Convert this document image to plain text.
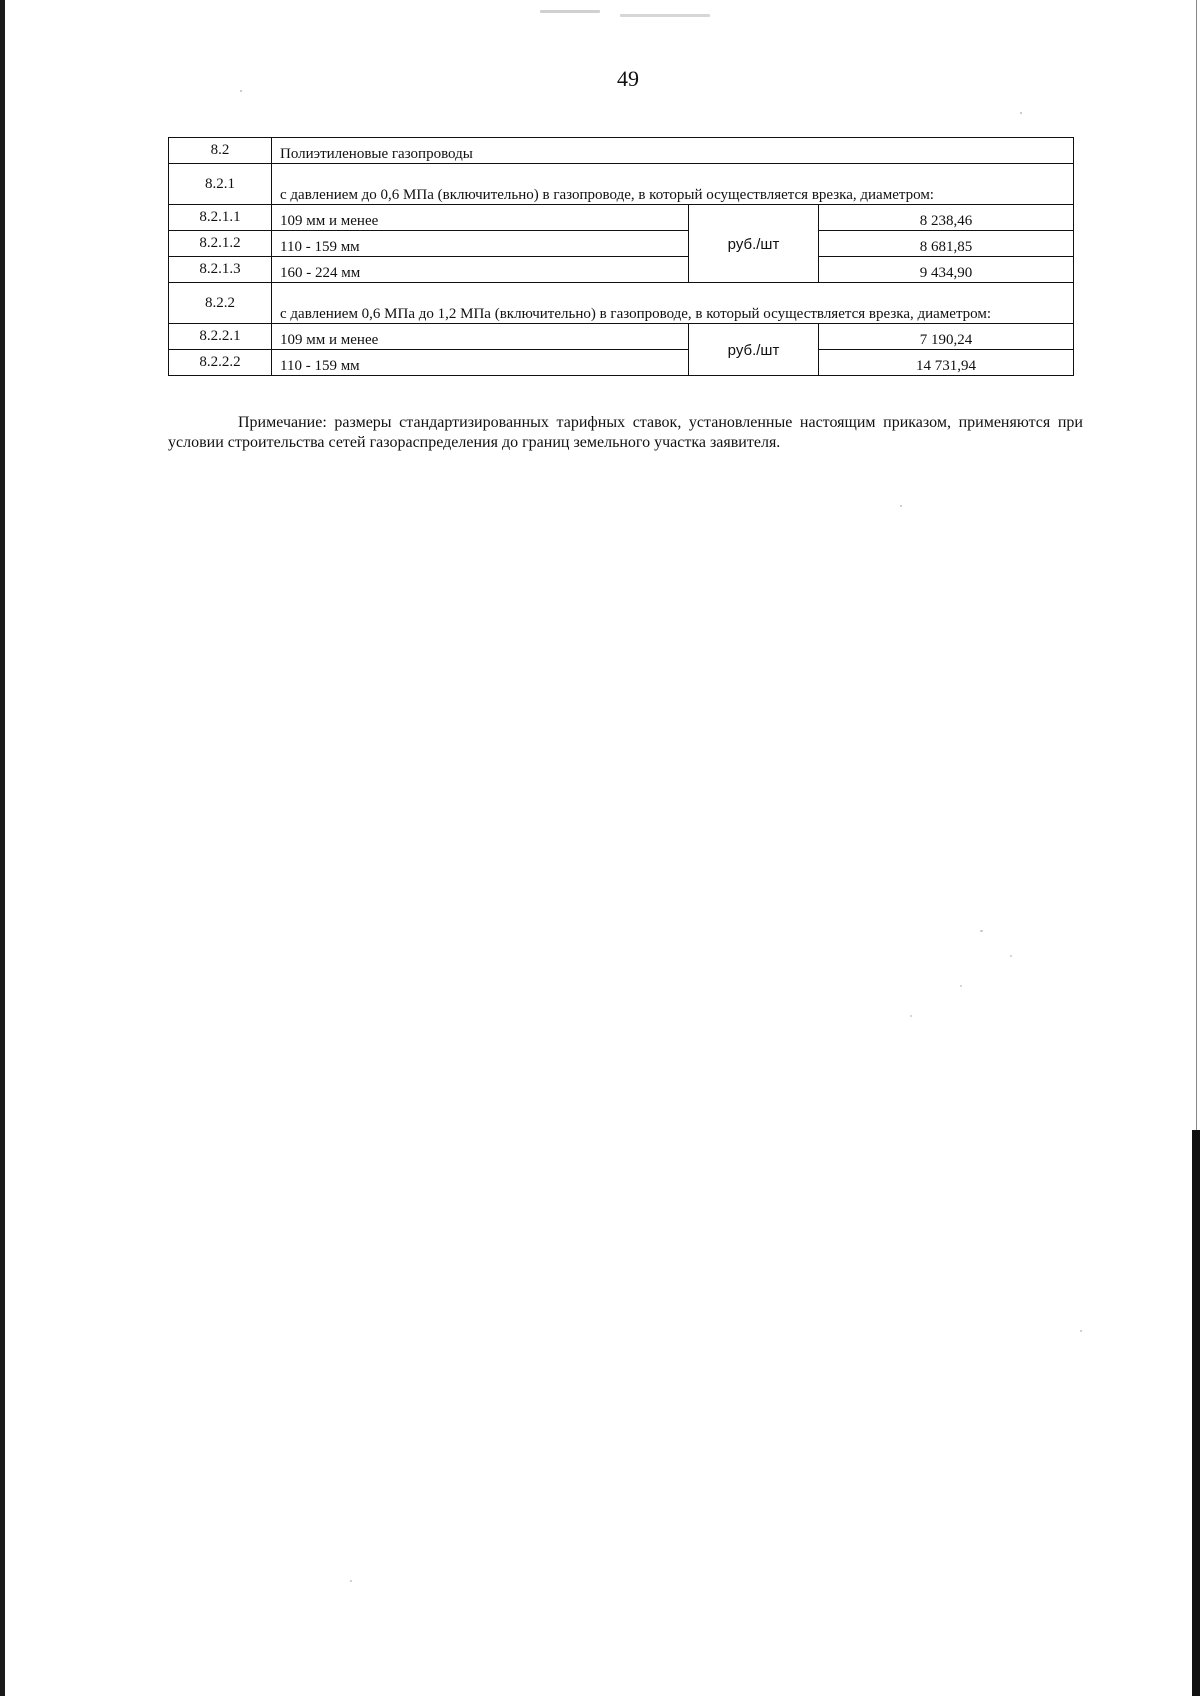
49
8.2	Полиэтиленовые газопроводы		
8.2.1	с давлением до 0,6 МПа (включительно) в газопроводе, в который осуществляется врезка, диаметром:		
8.2.1.1	109 мм и менее	руб./шт	8 238,46
8.2.1.2	110 - 159 мм		8 681,85
8.2.1.3	160 - 224 мм		9 434,90
8.2.2	с давлением 0,6 МПа до 1,2 МПа (включительно) в газопроводе, в который осуществляется врезка, диаметром:		
8.2.2.1	109 мм и менее	руб./шт	7 190,24
8.2.2.2	110 - 159 мм		14 731,94

Примечание: размеры стандартизированных тарифных ставок, установленные настоящим приказом, применяются при условии строительства сетей газораспределения до границ земельного участка заявителя.
